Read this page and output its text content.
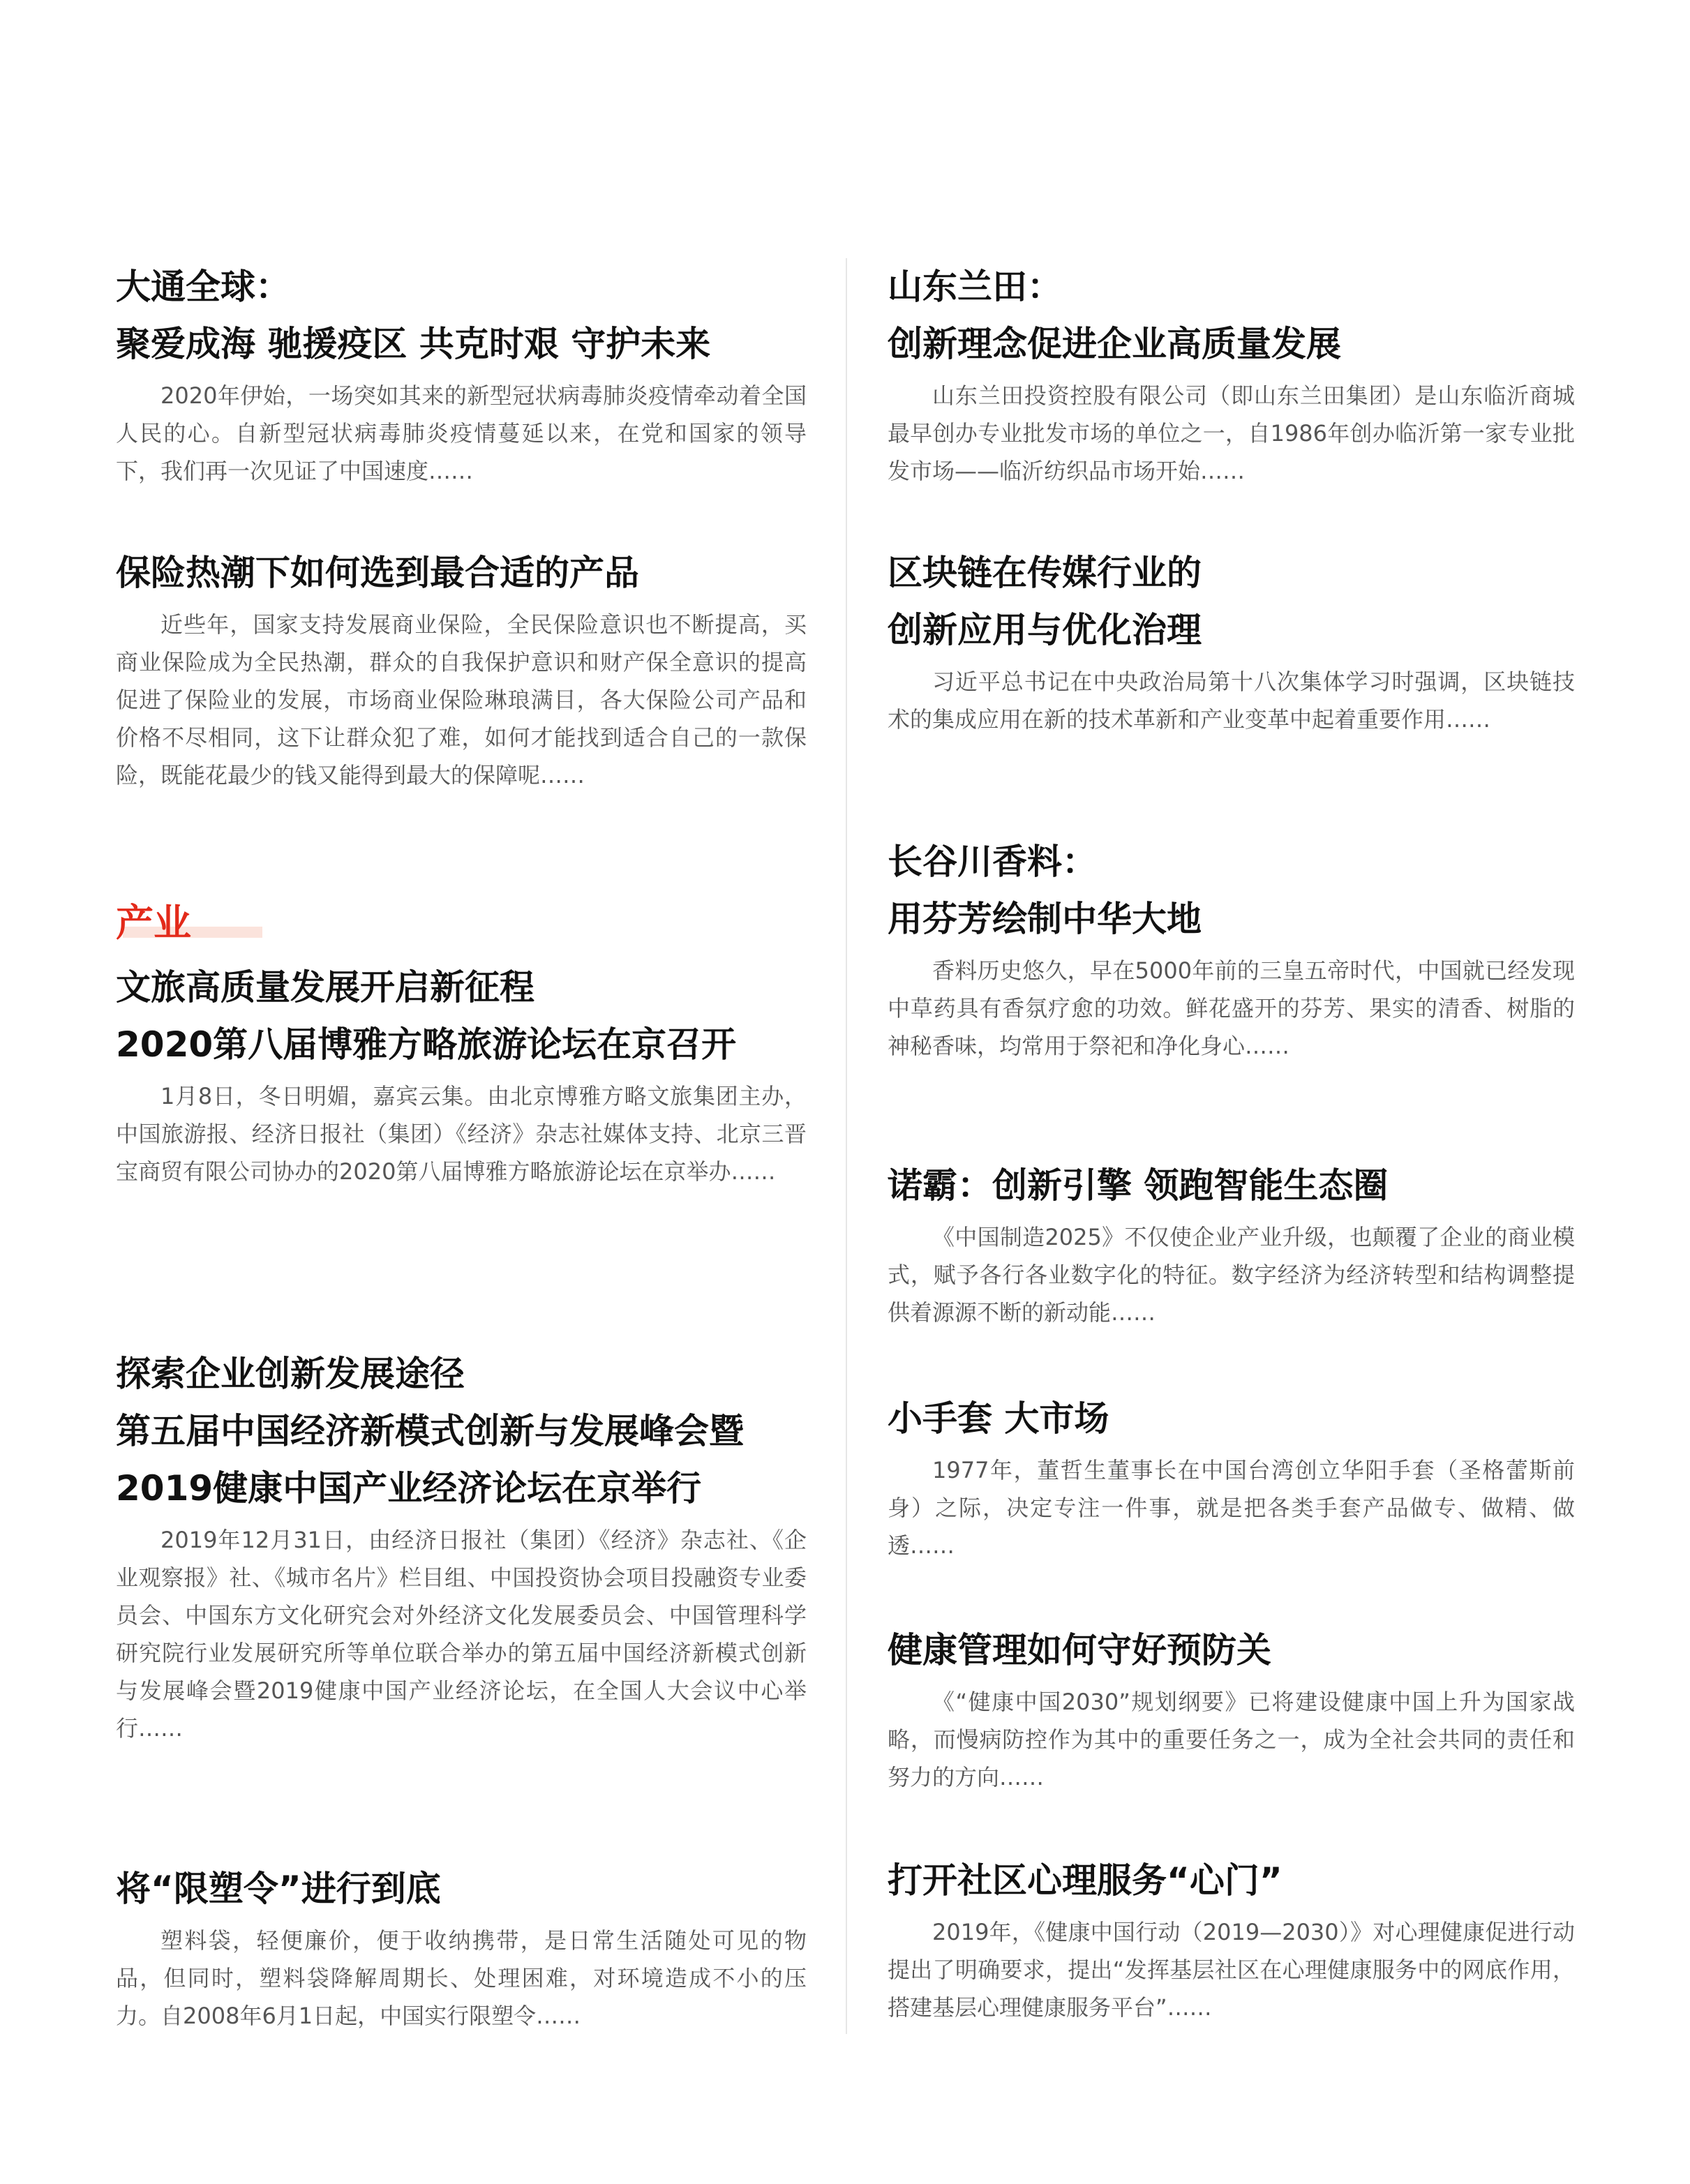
大通全球：

聚爱成海 驰援疫区 共克时艰 守护未来

2020年伊始，一场突如其来的新型冠状病毒肺炎疫情牵动着全国人民的心。自新型冠状病毒肺炎疫情蔓延以来，在党和国家的领导下，我们再一次见证了中国速度……

保险热潮下如何选到最合适的产品

近些年，国家支持发展商业保险，全民保险意识也不断提高，买商业保险成为全民热潮，群众的自我保护意识和财产保全意识的提高促进了保险业的发展，市场商业保险琳琅满目，各大保险公司产品和价格不尽相同，这下让群众犯了难，如何才能找到适合自己的一款保险，既能花最少的钱又能得到最大的保障呢……

产业

文旅高质量发展开启新征程

2020第八届博雅方略旅游论坛在京召开

1月8日，冬日明媚，嘉宾云集。由北京博雅方略文旅集团主办，中国旅游报、经济日报社（集团）《经济》杂志社媒体支持、北京三晋宝商贸有限公司协办的2020第八届博雅方略旅游论坛在京举办……

探索企业创新发展途径

第五届中国经济新模式创新与发展峰会暨2019健康中国产业经济论坛在京举行

2019年12月31日，由经济日报社（集团）《经济》杂志社、《企业观察报》社、《城市名片》栏目组、中国投资协会项目投融资专业委员会、中国东方文化研究会对外经济文化发展委员会、中国管理科学研究院行业发展研究所等单位联合举办的第五届中国经济新模式创新与发展峰会暨2019健康中国产业经济论坛，在全国人大会议中心举行……

将“限塑令”进行到底

塑料袋，轻便廉价，便于收纳携带，是日常生活随处可见的物品，但同时，塑料袋降解周期长、处理困难，对环境造成不小的压力。自2008年6月1日起，中国实行限塑令……

山东兰田：

创新理念促进企业高质量发展

山东兰田投资控股有限公司（即山东兰田集团）是山东临沂商城最早创办专业批发市场的单位之一，自1986年创办临沂第一家专业批发市场——临沂纺织品市场开始……

区块链在传媒行业的

创新应用与优化治理

习近平总书记在中央政治局第十八次集体学习时强调，区块链技术的集成应用在新的技术革新和产业变革中起着重要作用……

长谷川香料：

用芬芳绘制中华大地

香料历史悠久，早在5000年前的三皇五帝时代，中国就已经发现中草药具有香氛疗愈的功效。鲜花盛开的芬芳、果实的清香、树脂的神秘香味，均常用于祭祀和净化身心……

诺霸：创新引擎 领跑智能生态圈

《中国制造2025》不仅使企业产业升级，也颠覆了企业的商业模式，赋予各行各业数字化的特征。数字经济为经济转型和结构调整提供着源源不断的新动能……

小手套 大市场

1977年，董哲生董事长在中国台湾创立华阳手套（圣格蕾斯前身）之际，决定专注一件事，就是把各类手套产品做专、做精、做透……

健康管理如何守好预防关

《“健康中国2030”规划纲要》已将建设健康中国上升为国家战略，而慢病防控作为其中的重要任务之一，成为全社会共同的责任和努力的方向……

打开社区心理服务“心门”

2019年，《健康中国行动（2019—2030）》对心理健康促进行动提出了明确要求，提出“发挥基层社区在心理健康服务中的网底作用，搭建基层心理健康服务平台”……
